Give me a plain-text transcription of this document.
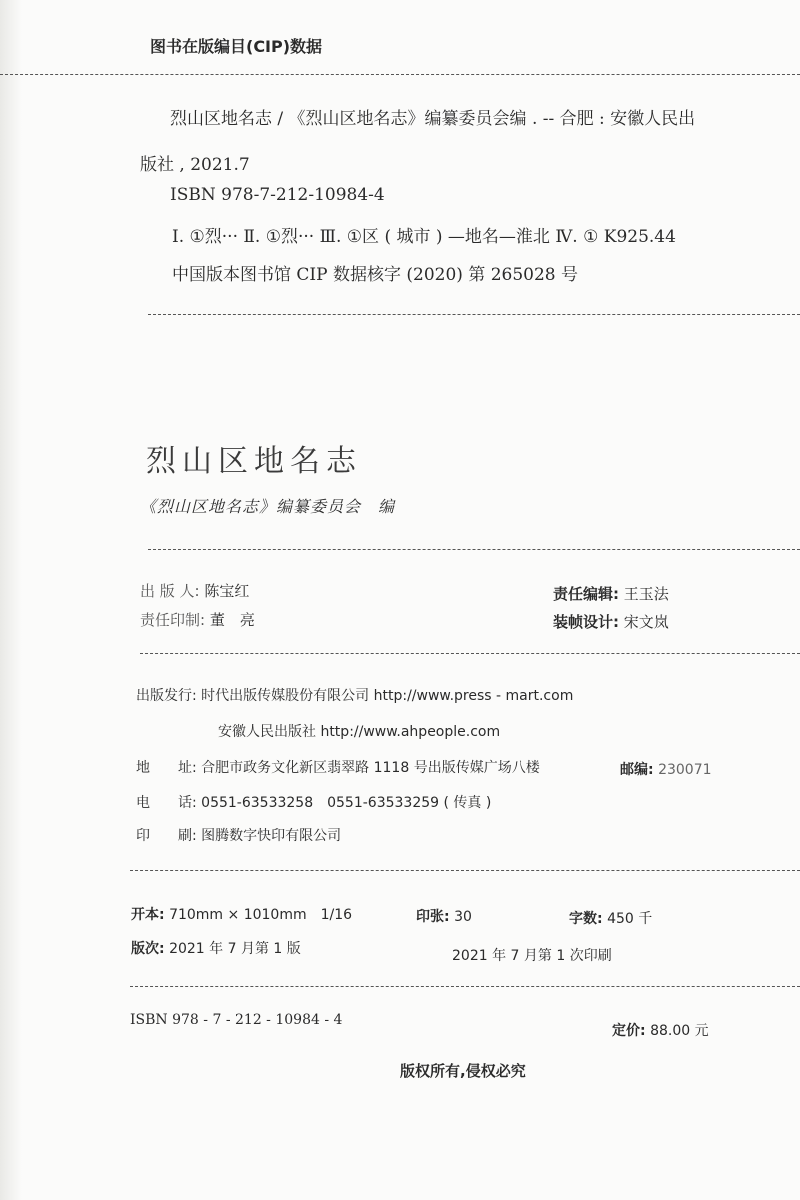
图书在版编目(CIP)数据
烈山区地名志 / 《烈山区地名志》编纂委员会编 . -- 合肥 : 安徽人民出
版社 , 2021.7
ISBN 978-7-212-10984-4
Ⅰ. ①烈··· Ⅱ. ①烈··· Ⅲ. ①区 ( 城市 ) —地名—淮北 Ⅳ. ① K925.44
中国版本图书馆 CIP 数据核字 (2020) 第 265028 号
烈山区地名志
《烈山区地名志》编纂委员会　编
出 版 人: 陈宝红
责任印制: 董　亮
责任编辑: 王玉法
装帧设计: 宋文岚
出版发行: 时代出版传媒股份有限公司 http://www.press - mart.com
安徽人民出版社 http://www.ahpeople.com
地　　址: 合肥市政务文化新区翡翠路 1118 号出版传媒广场八楼	邮编: 230071
电　　话: 0551-63533258　0551-63533259 ( 传真 )
印　　刷: 图腾数字快印有限公司
开本: 710mm × 1010mm　1/16	印张: 30	字数: 450 千
版次: 2021 年 7 月第 1 版	2021 年 7 月第 1 次印刷
ISBN 978 - 7 - 212 - 10984 - 4
定价: 88.00 元
版权所有,侵权必究
